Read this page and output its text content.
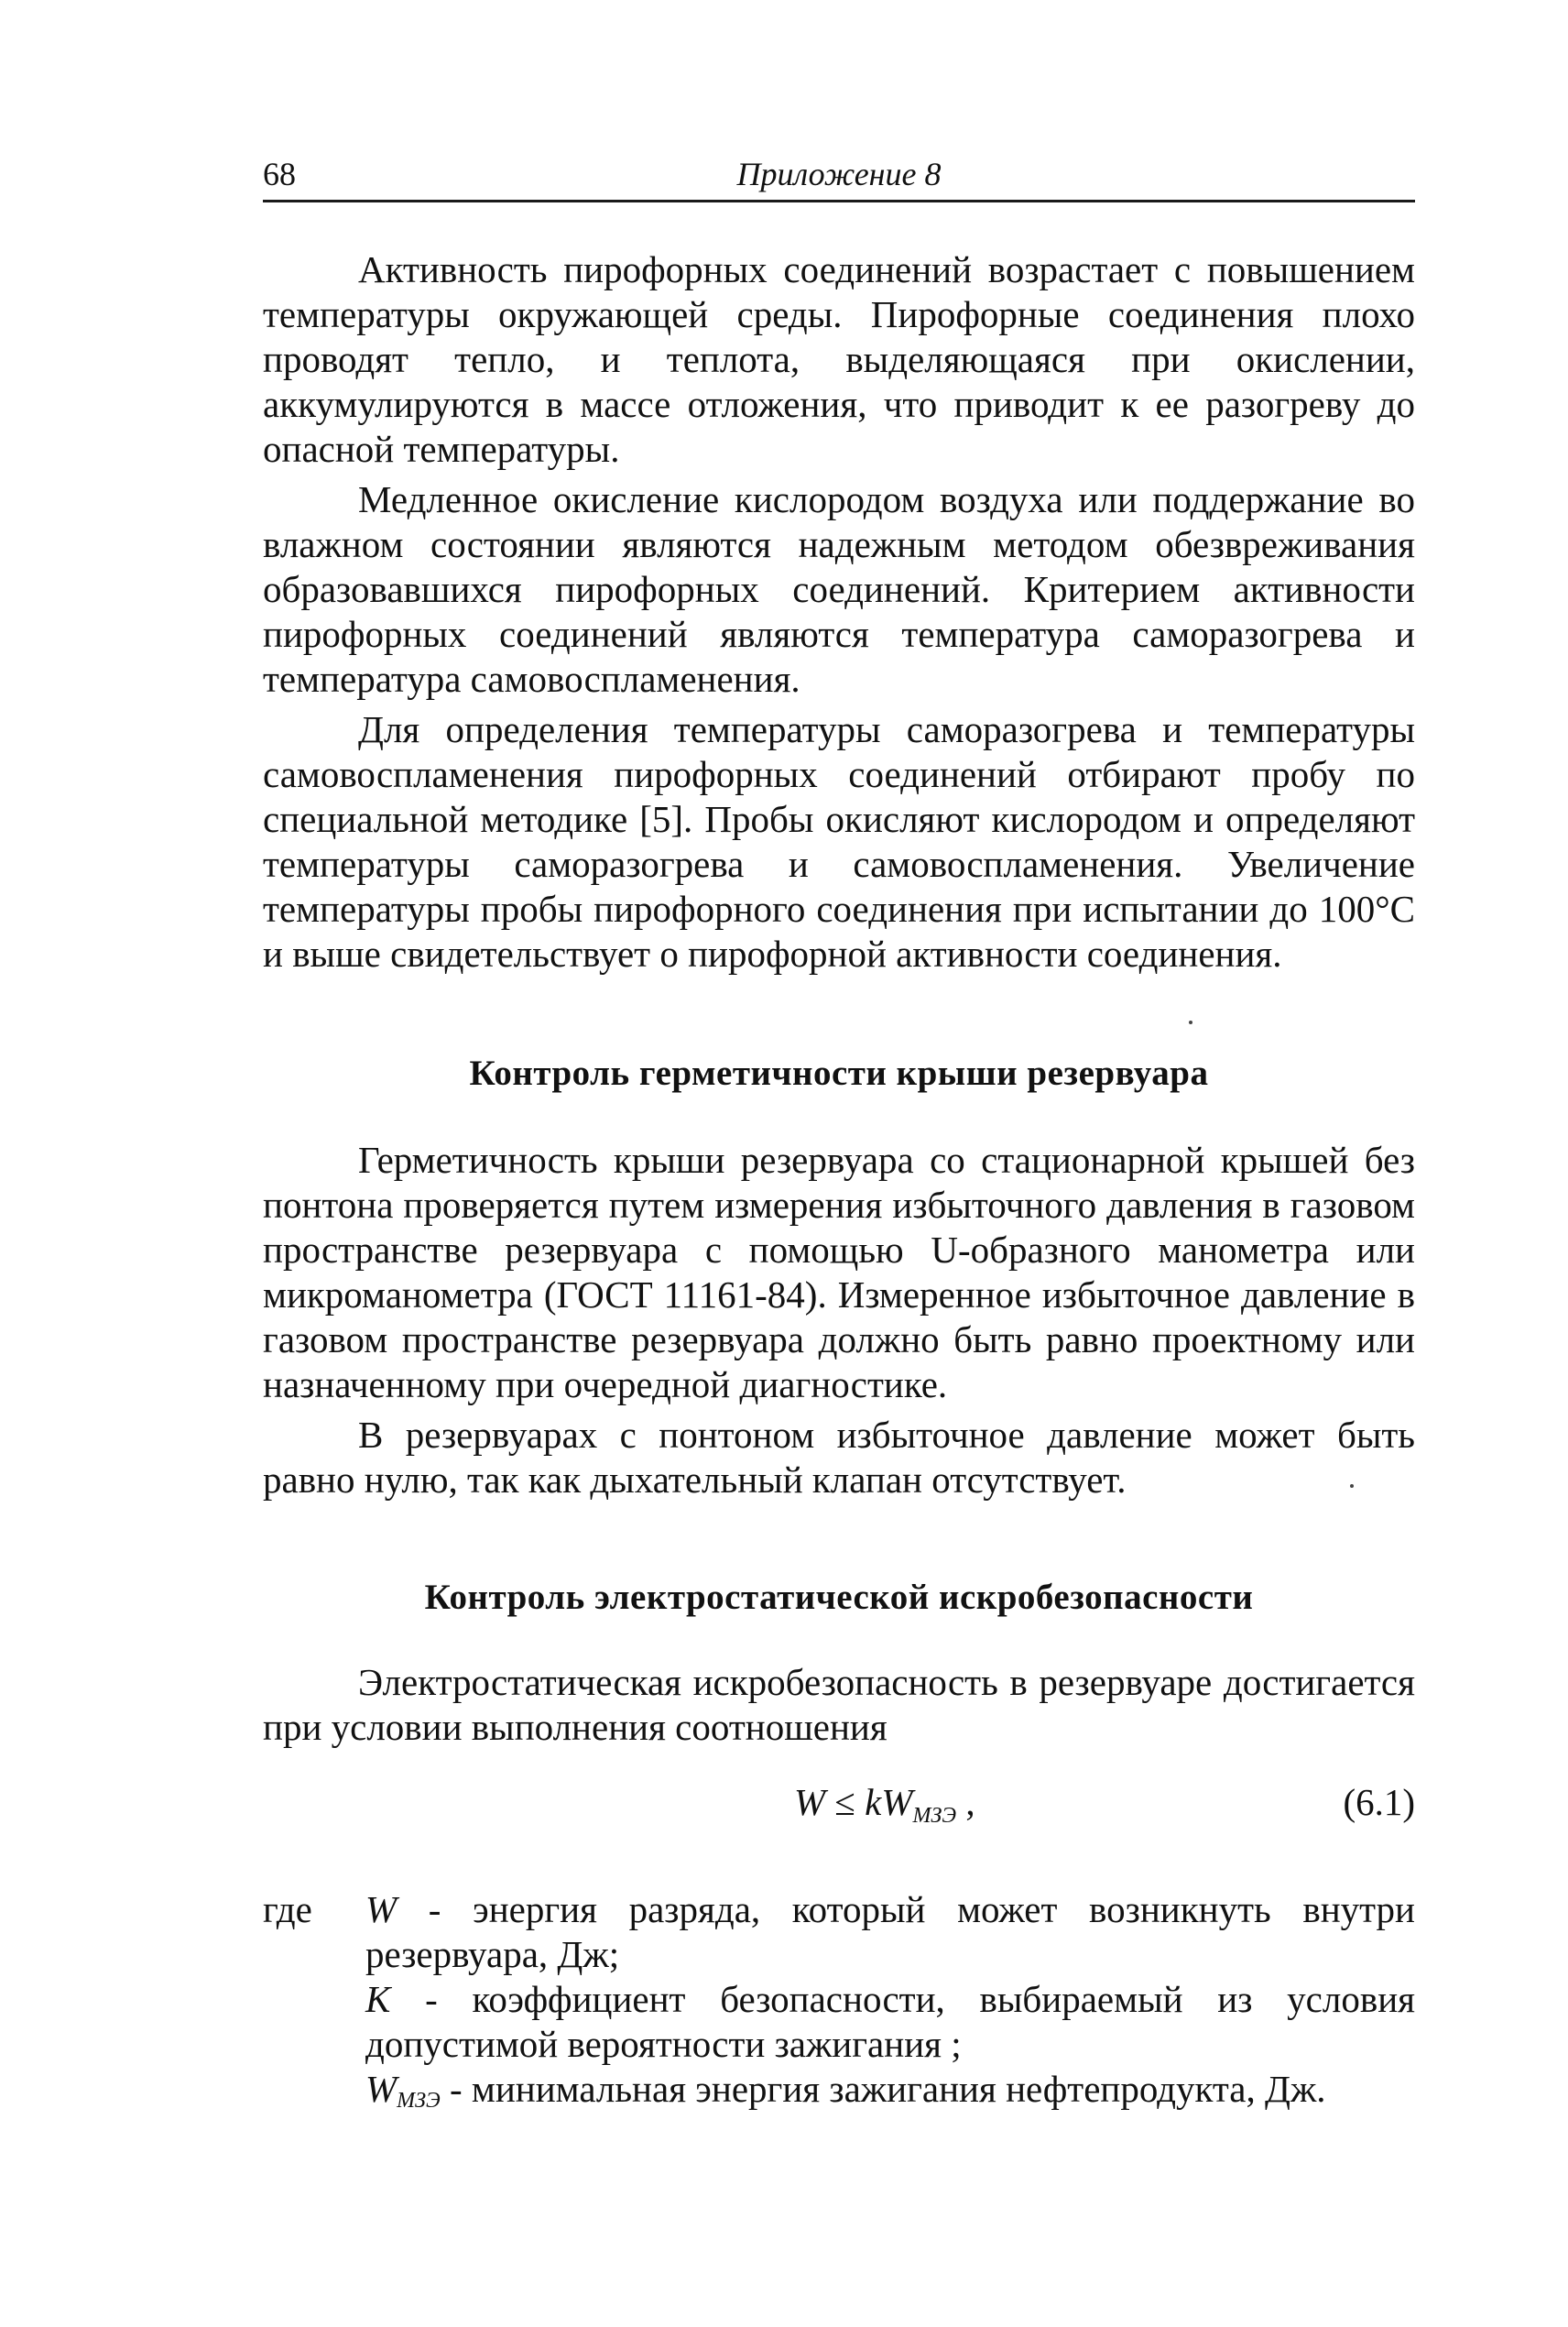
68	Приложение 8

Активность пирофорных соединений возрастает с повышением температуры окружающей среды. Пирофорные соединения плохо проводят тепло, и теплота, выделяющаяся при окислении, аккумулируются в массе отложения, что приводит к ее разогреву до опасной температуры.

Медленное окисление кислородом воздуха или поддержание во влажном состоянии являются надежным методом обезвреживания образовавшихся пирофорных соединений. Критерием активности пирофорных соединений являются температура саморазогрева и температура самовоспламенения.

Для определения температуры саморазогрева и температуры самовоспламенения пирофорных соединений отбирают пробу по специальной методике [5]. Пробы окисляют кислородом и определяют температуры саморазогрева и самовоспламенения. Увеличение температуры пробы пирофорного соединения при испытании до 100°С и выше свидетельствует о пирофорной активности соединения.

Контроль герметичности крыши резервуара

Герметичность крыши резервуара со стационарной крышей без понтона проверяется путем измерения избыточного давления в газовом пространстве резервуара с помощью U-образного манометра или микроманометра (ГОСТ 11161-84). Измеренное избыточное давление в газовом пространстве резервуара должно быть равно проектному или назначенному при очередной диагностике.

В резервуарах с понтоном избыточное давление может быть равно нулю, так как дыхательный клапан отсутствует.

Контроль электростатической искробезопасности

Электростатическая искробезопасность в резервуаре достигается при условии выполнения соотношения

$W \le kW_{МЗЭ}$ ,	(6.1)
где W - энергия разряда, который может возникнуть внутри резервуара, Дж;

K - коэффициент безопасности, выбираемый из условия допустимой вероятности зажигания ;

$W_{МЗЭ}$ - минимальная энергия зажигания нефтепродукта, Дж.
